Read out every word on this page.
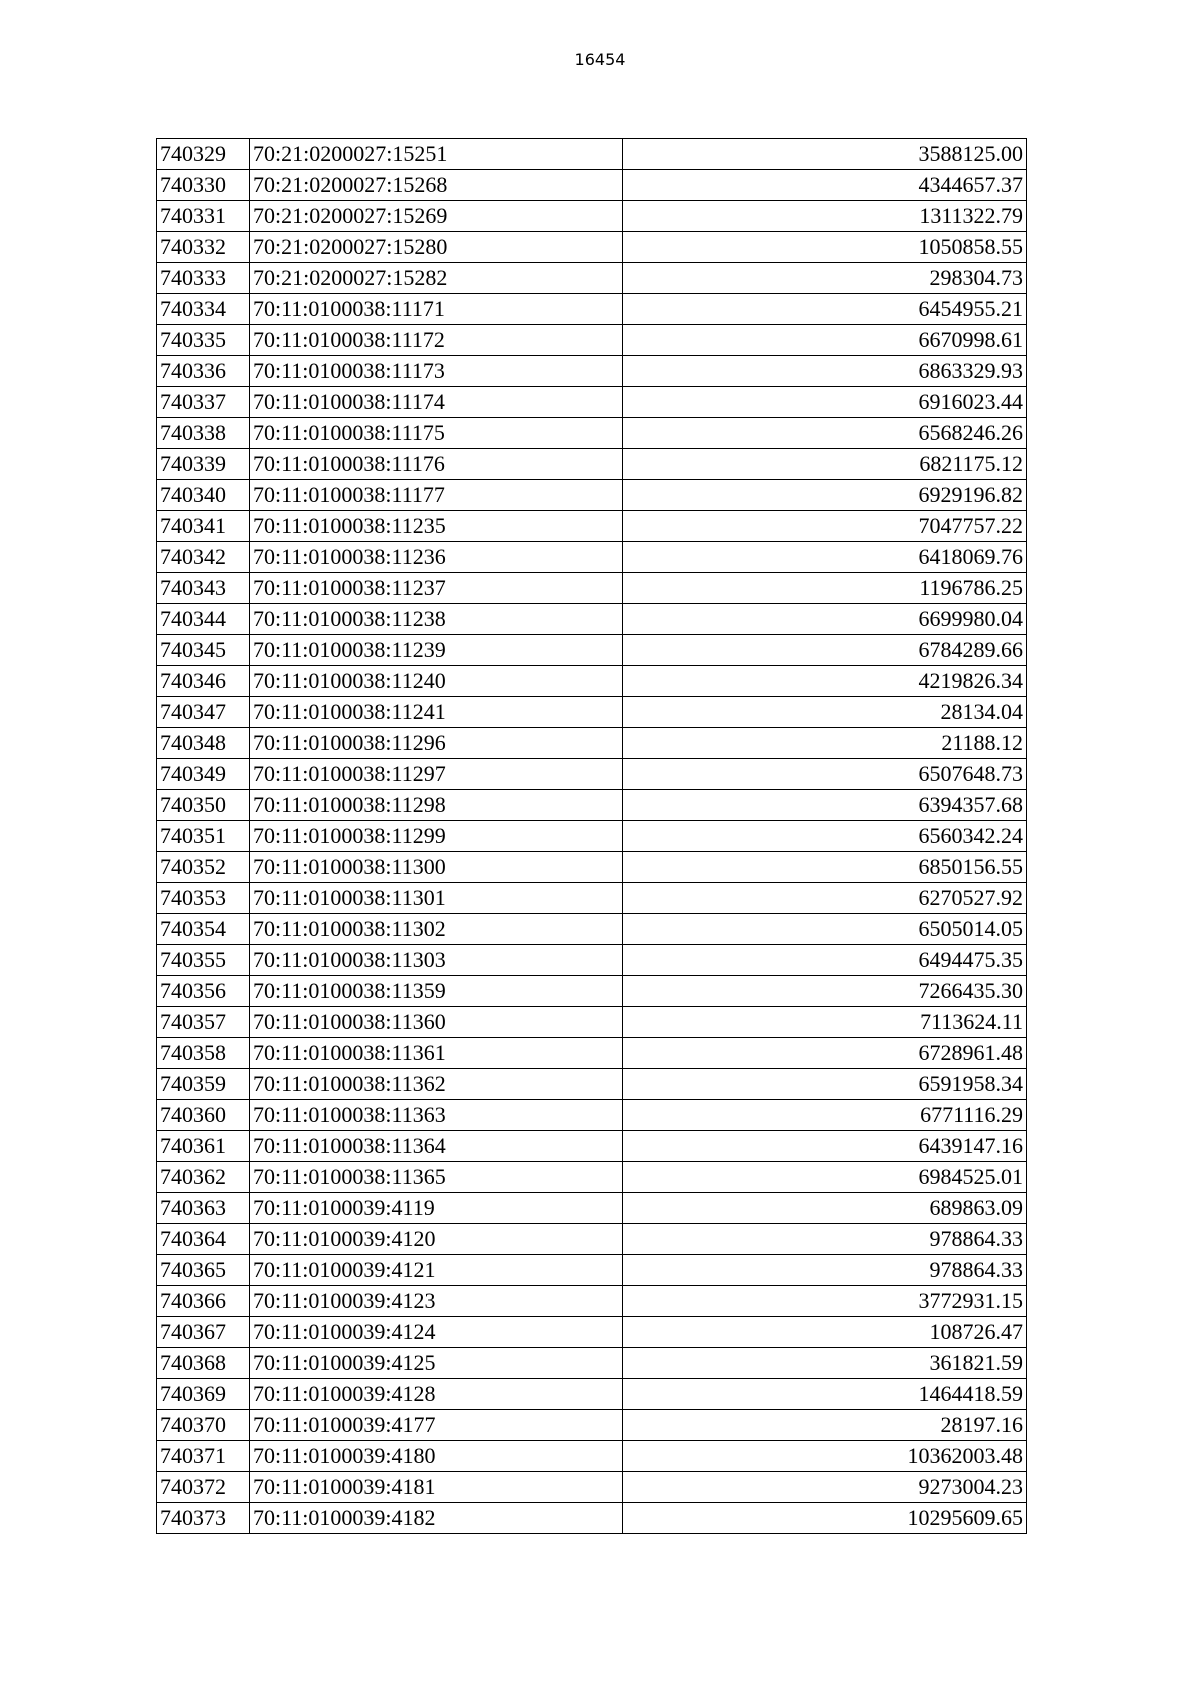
16454
740329	70:21:0200027:15251	3588125.00
740330	70:21:0200027:15268	4344657.37
740331	70:21:0200027:15269	1311322.79
740332	70:21:0200027:15280	1050858.55
740333	70:21:0200027:15282	298304.73
740334	70:11:0100038:11171	6454955.21
740335	70:11:0100038:11172	6670998.61
740336	70:11:0100038:11173	6863329.93
740337	70:11:0100038:11174	6916023.44
740338	70:11:0100038:11175	6568246.26
740339	70:11:0100038:11176	6821175.12
740340	70:11:0100038:11177	6929196.82
740341	70:11:0100038:11235	7047757.22
740342	70:11:0100038:11236	6418069.76
740343	70:11:0100038:11237	1196786.25
740344	70:11:0100038:11238	6699980.04
740345	70:11:0100038:11239	6784289.66
740346	70:11:0100038:11240	4219826.34
740347	70:11:0100038:11241	28134.04
740348	70:11:0100038:11296	21188.12
740349	70:11:0100038:11297	6507648.73
740350	70:11:0100038:11298	6394357.68
740351	70:11:0100038:11299	6560342.24
740352	70:11:0100038:11300	6850156.55
740353	70:11:0100038:11301	6270527.92
740354	70:11:0100038:11302	6505014.05
740355	70:11:0100038:11303	6494475.35
740356	70:11:0100038:11359	7266435.30
740357	70:11:0100038:11360	7113624.11
740358	70:11:0100038:11361	6728961.48
740359	70:11:0100038:11362	6591958.34
740360	70:11:0100038:11363	6771116.29
740361	70:11:0100038:11364	6439147.16
740362	70:11:0100038:11365	6984525.01
740363	70:11:0100039:4119	689863.09
740364	70:11:0100039:4120	978864.33
740365	70:11:0100039:4121	978864.33
740366	70:11:0100039:4123	3772931.15
740367	70:11:0100039:4124	108726.47
740368	70:11:0100039:4125	361821.59
740369	70:11:0100039:4128	1464418.59
740370	70:11:0100039:4177	28197.16
740371	70:11:0100039:4180	10362003.48
740372	70:11:0100039:4181	9273004.23
740373	70:11:0100039:4182	10295609.65
